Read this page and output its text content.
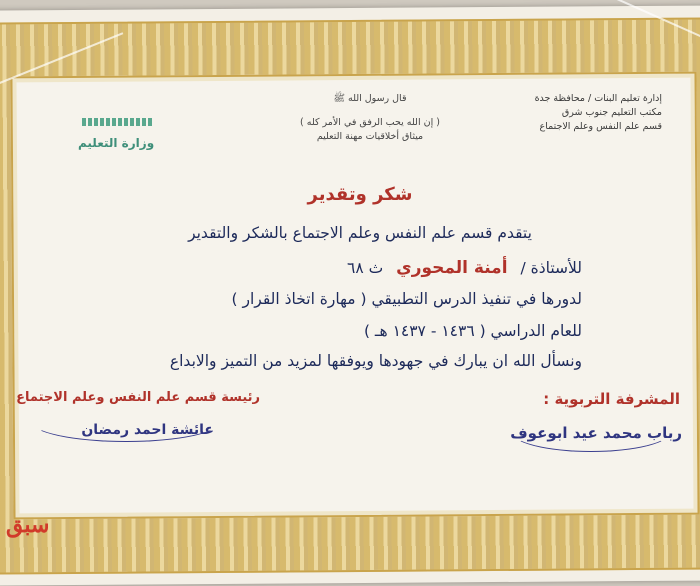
إدارة تعليم البنات / محافظة جدة
مكتب التعليم جنوب شرق
قسم علم النفس وعلم الاجتماع
قال رسول الله ﷺ
( إن الله يحب الرفق في الأمر كله )
ميثاق أخلاقيات مهنة التعليم
وزارة التعليم
شكر وتقدير
يتقدم قسم علم النفس وعلم الاجتماع بالشكر والتقدير
للأستاذة / أمنة المحوري ث ٦٨
لدورها في تنفيذ الدرس التطبيقي ( مهارة اتخاذ القرار )
للعام الدراسي ( ١٤٣٦ - ١٤٣٧ هـ )
ونسأل الله ان يبارك في جهودها ويوفقها لمزيد من التميز والابداع
المشرفة التربوية :
رباب محمد عيد ابوعوف
رئيسة قسم علم النفس وعلم الاجتماع
عائشة احمد رمضان
سبق
